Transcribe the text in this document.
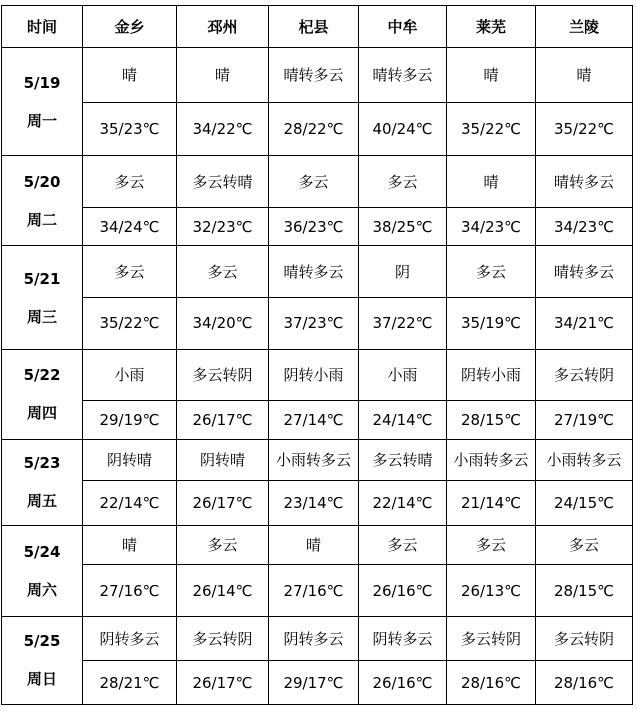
时间	金乡	邳州	杞县	中牟	莱芜	兰陵

5/19
周一	晴	晴	晴转多云	晴转多云	晴	晴
	35/23℃	34/22℃	28/22℃	40/24℃	35/22℃	35/22℃

5/20
周二	多云	多云转晴	多云	多云	晴	晴转多云
	34/24℃	32/23℃	36/23℃	38/25℃	34/23℃	34/23℃

5/21
周三	多云	多云	晴转多云	阴	多云	晴转多云
	35/22℃	34/20℃	37/23℃	37/22℃	35/19℃	34/21℃

5/22
周四	小雨	多云转阴	阴转小雨	小雨	阴转小雨	多云转阴
	29/19℃	26/17℃	27/14℃	24/14℃	28/15℃	27/19℃

5/23
周五	阴转晴	阴转晴	小雨转多云	多云转晴	小雨转多云	小雨转多云
	22/14℃	26/17℃	23/14℃	22/14℃	21/14℃	24/15℃

5/24
周六	晴	多云	晴	多云	多云	多云
	27/16℃	26/14℃	27/16℃	26/16℃	26/13℃	28/15℃

5/25
周日	阴转多云	多云转阴	阴转多云	阴转多云	多云转阴	多云转阴
	28/21℃	26/17℃	29/17℃	26/16℃	28/16℃	28/16℃
